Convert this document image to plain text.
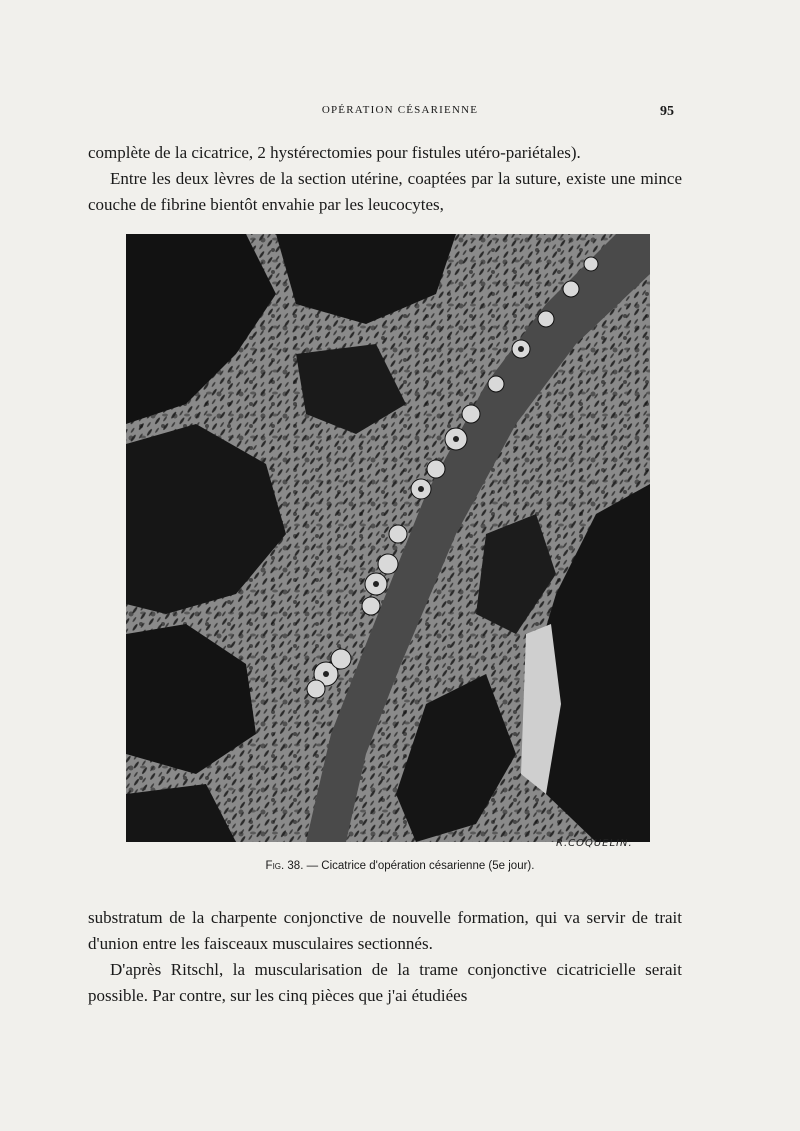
OPÉRATION CÉSARIENNE	95

complète de la cicatrice, 2 hystérectomies pour fistules utéro-pariétales).

Entre les deux lèvres de la section utérine, coaptées par la suture, existe une mince couche de fibrine bientôt envahie par les leucocytes,

R.COQUELIN.
Fig. 38. — Cicatrice d'opération césarienne (5e jour).

substratum de la charpente conjonctive de nouvelle formation, qui va servir de trait d'union entre les faisceaux musculaires sectionnés.

D'après Ritschl, la muscularisation de la trame conjonctive cicatricielle serait possible. Par contre, sur les cinq pièces que j'ai étudiées
